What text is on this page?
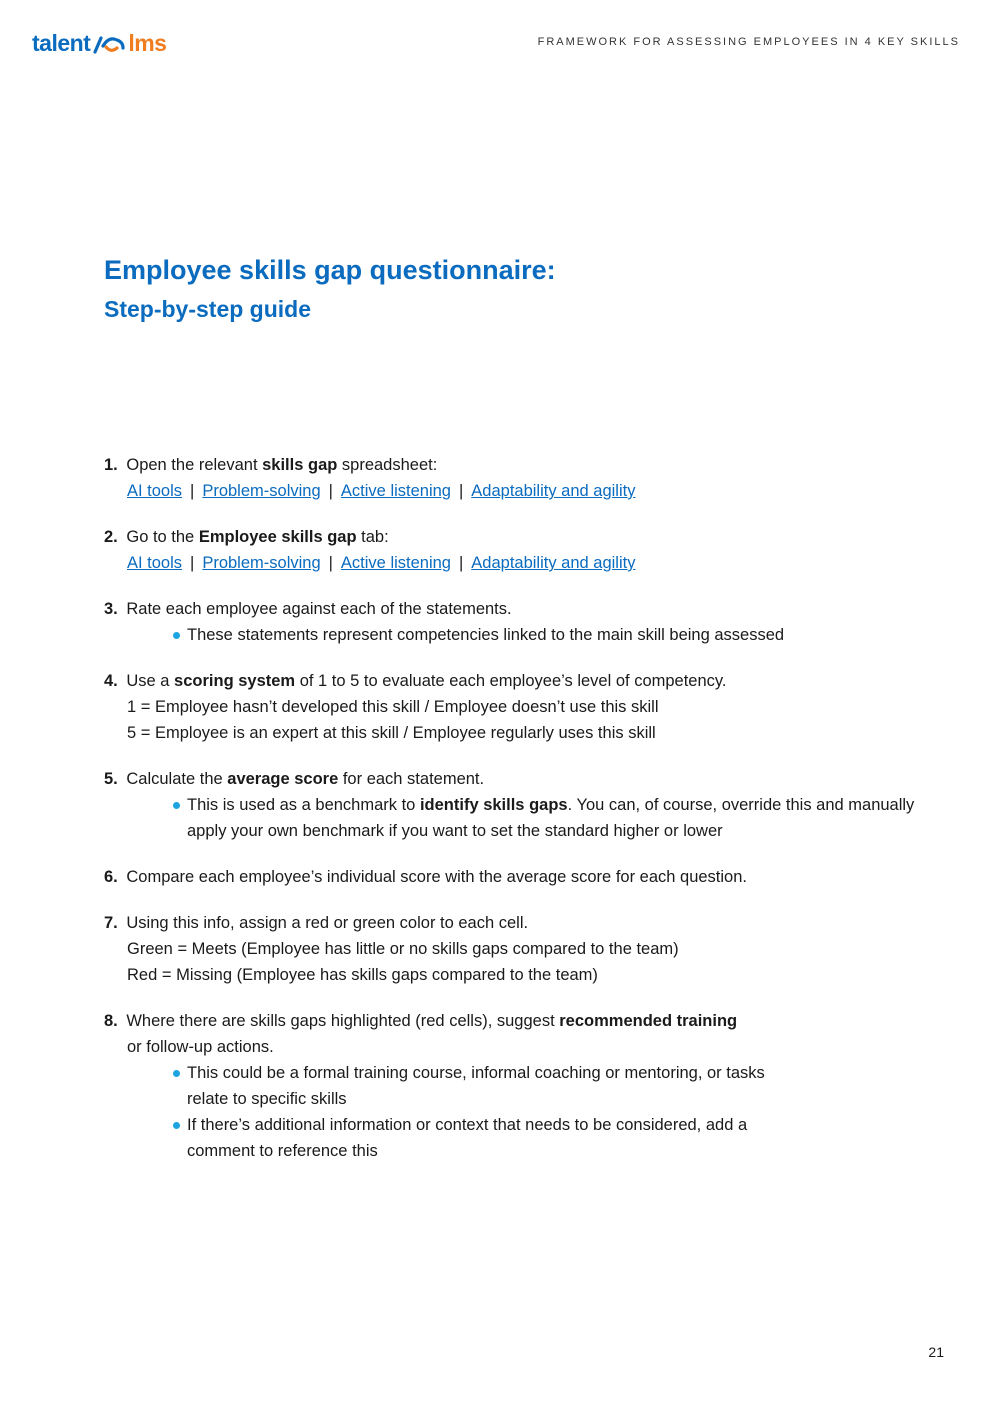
talent lms	FRAMEWORK FOR ASSESSING EMPLOYEES IN 4 KEY SKILLS
Employee skills gap questionnaire:
Step-by-step guide
1. Open the relevant skills gap spreadsheet:
AI tools | Problem-solving | Active listening | Adaptability and agility
2. Go to the Employee skills gap tab:
AI tools | Problem-solving | Active listening | Adaptability and agility
3. Rate each employee against each of the statements.
These statements represent competencies linked to the main skill being assessed
4. Use a scoring system of 1 to 5 to evaluate each employee’s level of competency.
1 = Employee hasn’t developed this skill / Employee doesn’t use this skill
5 = Employee is an expert at this skill / Employee regularly uses this skill
5. Calculate the average score for each statement.
This is used as a benchmark to identify skills gaps. You can, of course, override this and manually apply your own benchmark if you want to set the standard higher or lower
6. Compare each employee’s individual score with the average score for each question.
7. Using this info, assign a red or green color to each cell.
Green = Meets (Employee has little or no skills gaps compared to the team)
Red = Missing (Employee has skills gaps compared to the team)
8. Where there are skills gaps highlighted (red cells), suggest recommended training
or follow-up actions.
This could be a formal training course, informal coaching or mentoring, or tasks relate to specific skills
If there’s additional information or context that needs to be considered, add a comment to reference this
21
